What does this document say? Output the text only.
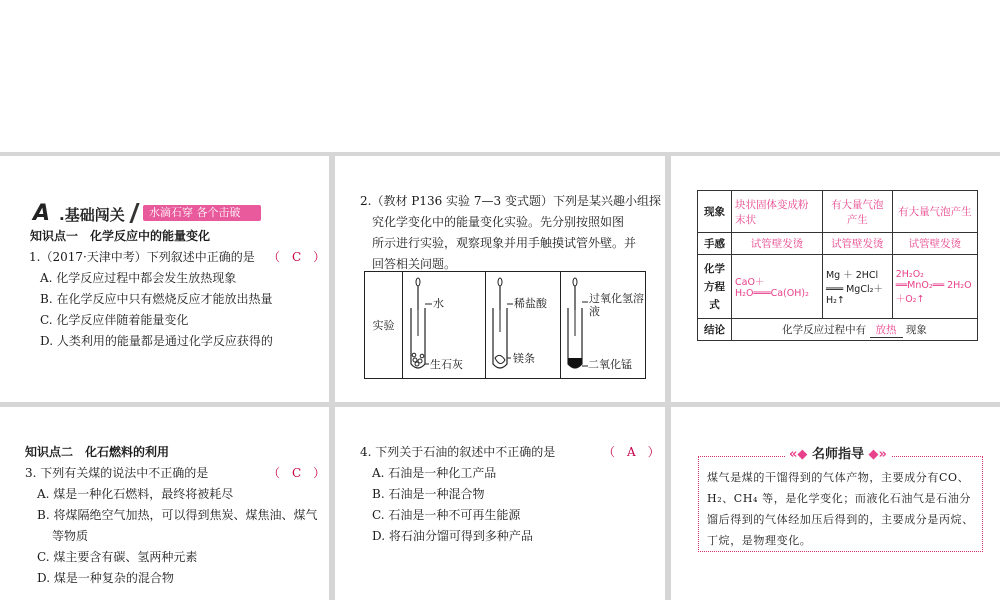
A .基础闯关	水滴石穿 各个击破
知识点一　化学反应中的能量变化
1.（2017·天津中考）下列叙述中正确的是 （　C　）
A. 化学反应过程中都会发生放热现象
B. 在化学反应中只有燃烧反应才能放出热量
C. 化学反应伴随着能量变化
D. 人类利用的能量都是通过化学反应获得的
2.（教材 P136 实验 7—3 变式题）下列是某兴趣小组探
究化学变化中的能量变化实验。先分别按照如图
所示进行实验，观察现象并用手触摸试管外壁。并
回答相关问题。
实验
水
生石灰
稀盐酸
镁条
过氧化氢溶液
二氧化锰
现象	块状固体变成粉末状	有大量气泡产生	有大量气泡产生
手感	试管壁发烫	试管壁发烫	试管壁发烫
化学方程式	CaO＋H₂O═══Ca(OH)₂	Mg ＋ 2HCl ═══ MgCl₂＋H₂↑	2H₂O₂ ══MnO₂══ 2H₂O＋O₂↑
结论	化学反应过程中有 放热 现象		
知识点二　化石燃料的利用
3. 下列有关煤的说法中不正确的是	（　C　）
A. 煤是一种化石燃料，最终将被耗尽
B. 将煤隔绝空气加热，可以得到焦炭、煤焦油、煤气
等物质
C. 煤主要含有碳、氢两种元素
D. 煤是一种复杂的混合物
4. 下列关于石油的叙述中不正确的是	（　A　）
A. 石油是一种化工产品
B. 石油是一种混合物
C. 石油是一种不可再生能源
D. 将石油分馏可得到多种产品
«◆ 名师指导 ◆»
煤气是煤的干馏得到的气体产物，主要成分有CO、H₂、CH₄ 等，是化学变化；而液化石油气是石油分馏后得到的气体经加压后得到的，主要成分是丙烷、丁烷，是物理变化。
